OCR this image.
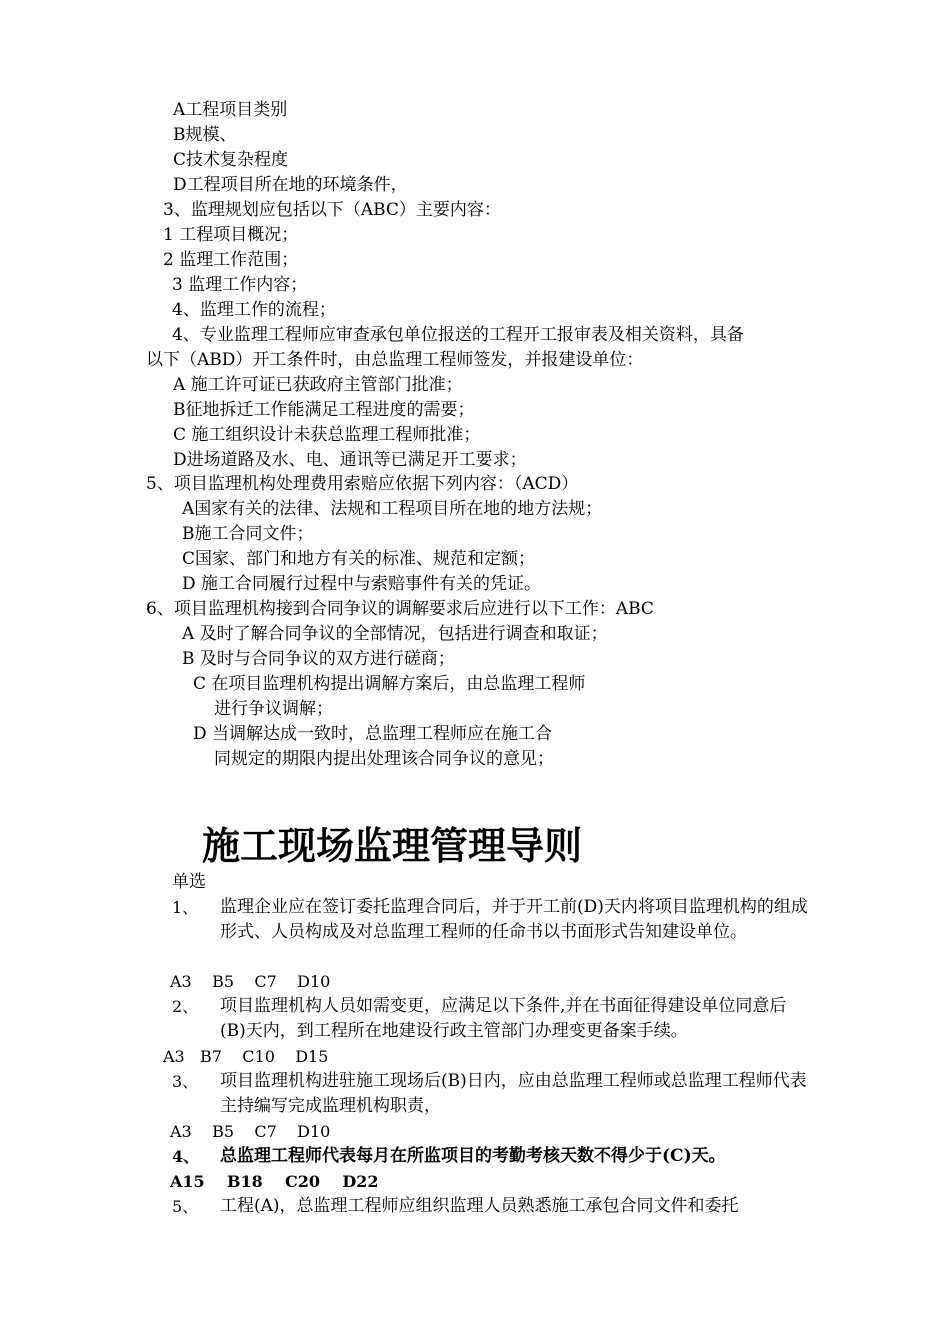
A工程项目类别
B规模、
C技术复杂程度
D工程项目所在地的环境条件，
3、监理规划应包括以下（ABC）主要内容：
1 工程项目概况；
2 监理工作范围；
3 监理工作内容；
4、监理工作的流程；
4、专业监理工程师应审查承包单位报送的工程开工报审表及相关资料，具备
以下（ABD）开工条件时，由总监理工程师签发，并报建设单位：
A 施工许可证已获政府主管部门批准；
B征地拆迁工作能满足工程进度的需要；
C 施工组织设计未获总监理工程师批准；
D进场道路及水、电、通讯等已满足开工要求；
5、项目监理机构处理费用索赔应依据下列内容：（ACD）
A国家有关的法律、法规和工程项目所在地的地方法规；
B施工合同文件；
C国家、部门和地方有关的标准、规范和定额；
D 施工合同履行过程中与索赔事件有关的凭证。
6、项目监理机构接到合同争议的调解要求后应进行以下工作：ABC
A 及时了解合同争议的全部情况，包括进行调查和取证；
B 及时与合同争议的双方进行磋商；
C 在项目监理机构提出调解方案后，由总监理工程师
进行争议调解；
D 当调解达成一致时，总监理工程师应在施工合
同规定的期限内提出处理该合同争议的意见；
施工现场监理管理导则
单选
1、 监理企业应在签订委托监理合同后，并于开工前(D)天内将项目监理机构的组成形式、人员构成及对总监理工程师的任命书以书面形式告知建设单位。
A3    B5    C7    D10
2、 项目监理机构人员如需变更，应满足以下条件,并在书面征得建设单位同意后(B)天内，到工程所在地建设行政主管部门办理变更备案手续。
A3   B7    C10    D15
3、 项目监理机构进驻施工现场后(B)日内，应由总监理工程师或总监理工程师代表主持编写完成监理机构职责，
A3    B5    C7    D10
4、 总监理工程师代表每月在所监项目的考勤考核天数不得少于(C)天。
A15    B18    C20    D22
5、 工程(A)，总监理工程师应组织监理人员熟悉施工承包合同文件和委托
